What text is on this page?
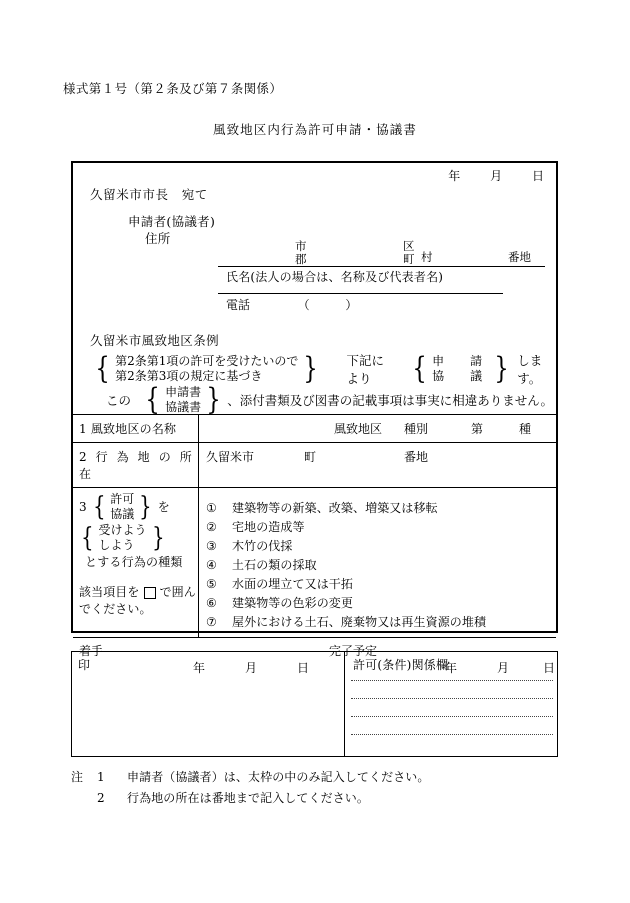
様式第１号（第２条及び第７条関係）
風致地区内行為許可申請・協議書
年 月 日
久留米市市長　宛て
申請者(協議者)
住所	市
郡
区
町 村	番地
氏名(法人の場合は、名称及び代表者名)
電話	（	）
久留米市風致地区条例
{ 第2条第1項の許可を受けたいので
第2条第3項の規定に基づき	} 下記により	{ 申　請
協　議 } します。
この { 申請書
協議書 } 、添付書類及び図書の記載事項は事実に相違ありません。
1 風致地区の名称	風致地区 種別	第	種
2 行 為 地 の 所 在
久留米市	町	番地
3 { 許可
協議 } を
{ 受けよう
しよう }
とする行為の種類
該当項目を で囲んでください。
①	建築物等の新築、改築、増築又は移転
②	宅地の造成等
③	木竹の伐採
④	土石の類の採取
⑤	水面の埋立て又は干拓
⑥	建築物等の色彩の変更
⑦	屋外における土石、廃棄物又は再生資源の堆積
着手	完了予定
年	月	日	年	月	日
印	許可(条件)関係欄
注	1	申請者（協議者）は、太枠の中のみ記入してください。
2	行為地の所在は番地まで記入してください。
